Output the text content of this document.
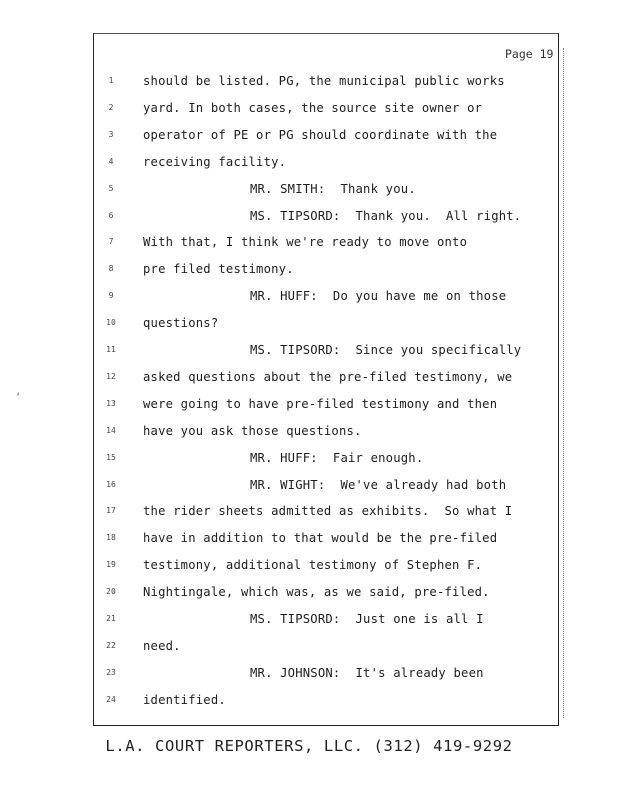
‘
Page 19
1	should be listed. PG, the municipal public works
2	yard. In both cases, the source site owner or
3	operator of PE or PG should coordinate with the
4	receiving facility.
5	MR. SMITH:  Thank you.
6	MS. TIPSORD:  Thank you.  All right.
7	With that, I think we're ready to move onto
8	pre filed testimony.
9	MR. HUFF:  Do you have me on those
10	questions?
11	MS. TIPSORD:  Since you specifically
12	asked questions about the pre-filed testimony, we
13	were going to have pre-filed testimony and then
14	have you ask those questions.
15	MR. HUFF:  Fair enough.
16	MR. WIGHT:  We've already had both
17	the rider sheets admitted as exhibits.  So what I
18	have in addition to that would be the pre-filed
19	testimony, additional testimony of Stephen F.
20	Nightingale, which was, as we said, pre-filed.
21	MS. TIPSORD:  Just one is all I
22	need.
23	MR. JOHNSON:  It's already been
24	identified.
L.A. COURT REPORTERS, LLC. (312) 419-9292
